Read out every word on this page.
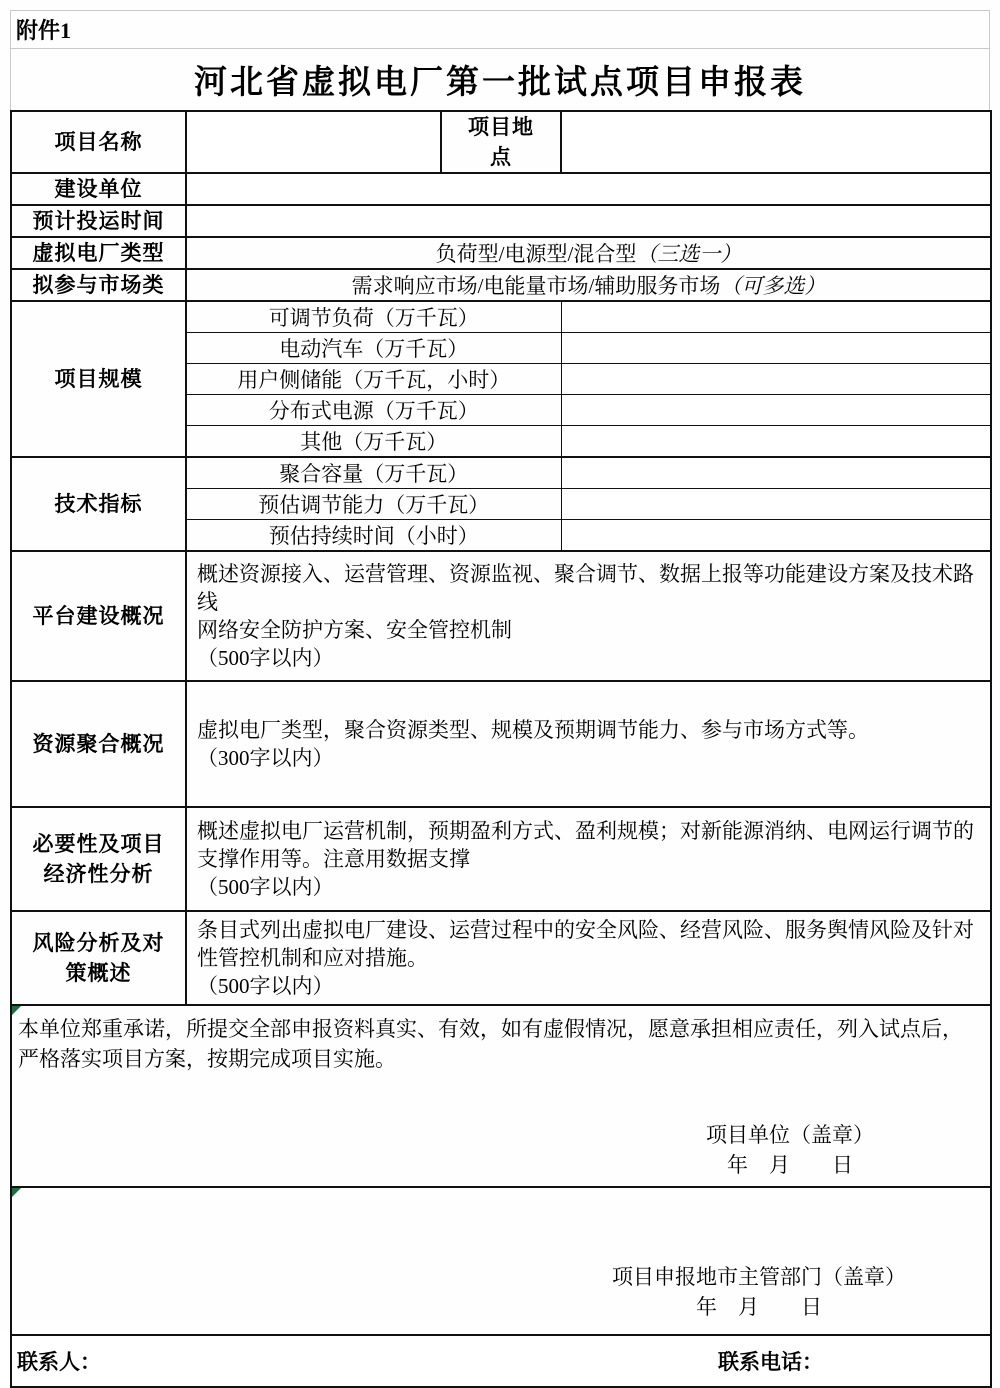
附件1
河北省虚拟电厂第一批试点项目申报表
项目名称		项目地点	
建设单位			
预计投运时间			
虚拟电厂类型	负荷型/电源型/混合型（三选一）		
拟参与市场类	需求响应市场/电能量市场/辅助服务市场（可多选）		
项目规模	可调节负荷（万千瓦）		
	电动汽车（万千瓦）		
	用户侧储能（万千瓦，小时）		
	分布式电源（万千瓦）		
	其他（万千瓦）		
技术指标	聚合容量（万千瓦）		
	预估调节能力（万千瓦）		
	预估持续时间（小时）		
平台建设概况	概述资源接入、运营管理、资源监视、聚合调节、数据上报等功能建设方案及技术路线
网络安全防护方案、安全管控机制
（500字以内）		

资源聚合概况	虚拟电厂类型，聚合资源类型、规模及预期调节能力、参与市场方式等。
（300字以内）		

必要性及项目经济性分析	概述虚拟电厂运营机制，预期盈利方式、盈利规模；对新能源消纳、电网运行调节的支撑作用等。注意用数据支撑
（500字以内）		

风险分析及对策概述	条目式列出虚拟电厂建设、运营过程中的安全风险、经营风险、服务舆情风险及针对性管控机制和应对措施。
（500字以内）		

本单位郑重承诺，所提交全部申报资料真实、有效，如有虚假情况，愿意承担相应责任，列入试点后，严格落实项目方案，按期完成项目实施。
项目单位（盖章）
年　月　　日			

项目申报地市主管部门（盖章）
年　月　　日			

联系人： 联系电话：			
